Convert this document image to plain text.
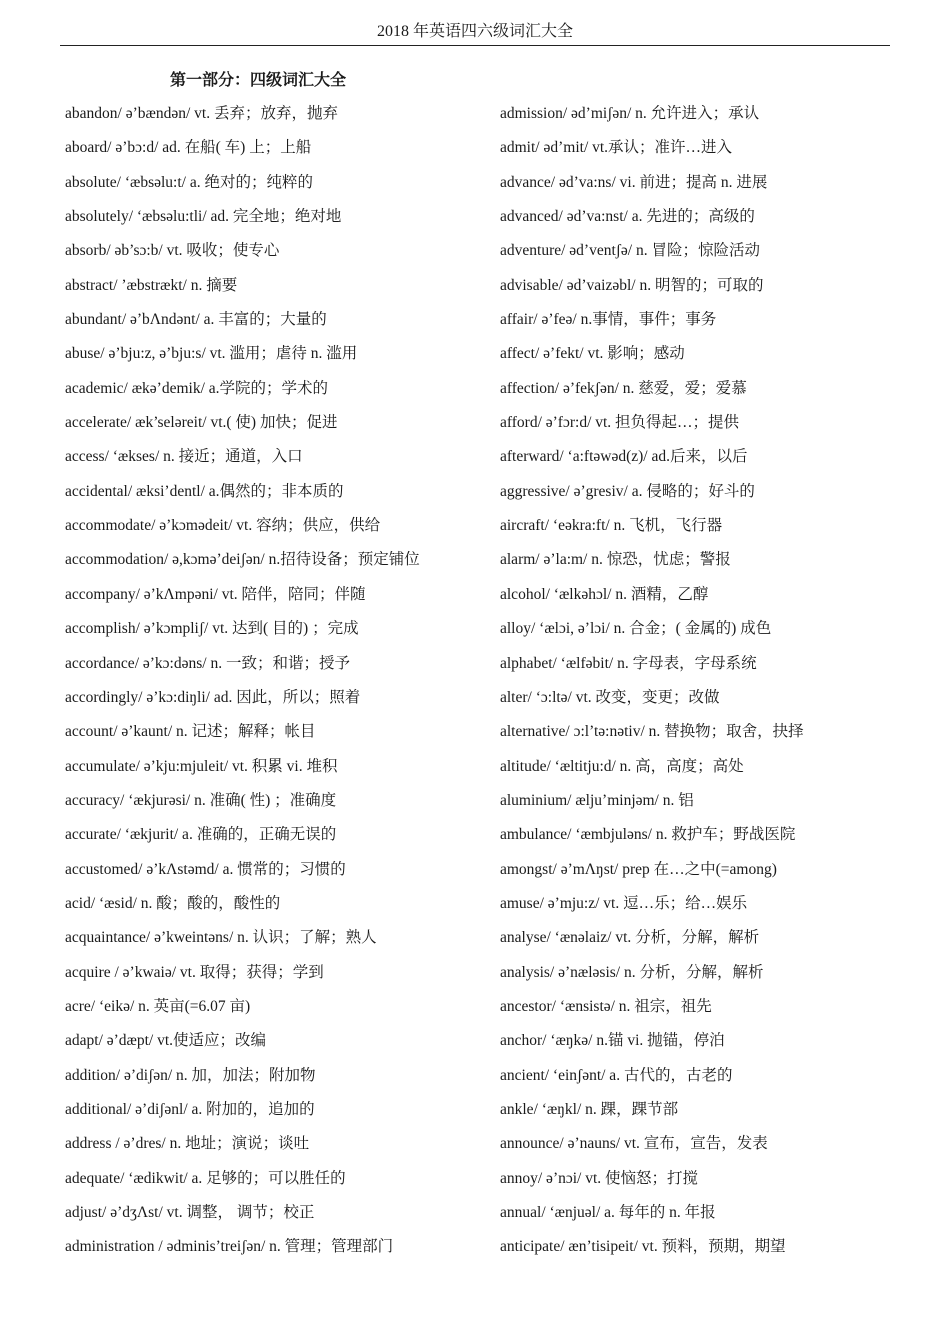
2018 年英语四六级词汇大全
第一部分：四级词汇大全
abandon/ ə’bændən/ vt. 丢弃；放弃，抛弃
aboard/ ə’bɔ:d/ ad. 在船( 车) 上；上船
absolute/ ‘æbsəlu:t/ a. 绝对的；纯粹的
absolutely/ ‘æbsəlu:tli/ ad. 完全地；绝对地
absorb/ əb’sɔ:b/ vt. 吸收；使专心
abstract/ ’æbstrækt/ n. 摘要
abundant/ ə’bΛndənt/ a. 丰富的；大量的
abuse/ ə’bju:z, ə’bju:s/ vt. 滥用；虐待 n. 滥用
academic/ ækə’demik/ a.学院的；学术的
accelerate/ æk’seləreit/ vt.( 使) 加快；促进
access/ ‘ækses/ n. 接近；通道，入口
accidental/ æksi’dentl/ a.偶然的；非本质的
accommodate/ ə’kɔmədeit/ vt. 容纳；供应，供给
accommodation/ ə,kɔmə’deiʃən/ n.招待设备；预定铺位
accompany/ ə’kΛmpəni/ vt. 陪伴，陪同；伴随
accomplish/ ə’kɔmpliʃ/ vt. 达到( 目的) ；完成
accordance/ ə’kɔ:dəns/ n. 一致；和谐；授予
accordingly/ ə’kɔ:diŋli/ ad. 因此，所以；照着
account/ ə’kaunt/ n. 记述；解释；帐目
accumulate/ ə’kju:mjuleit/ vt. 积累 vi. 堆积
accuracy/ ‘ækjurəsi/ n. 准确( 性) ；准确度
accurate/ ‘ækjurit/ a. 准确的，正确无误的
accustomed/ ə’kΛstəmd/ a. 惯常的；习惯的
acid/ ‘æsid/ n. 酸；酸的，酸性的
acquaintance/ ə’kweintəns/ n. 认识；了解；熟人
acquire / ə’kwaiə/ vt. 取得；获得；学到
acre/ ‘eikə/ n. 英亩(=6.07 亩)
adapt/ ə’dæpt/ vt.使适应；改编
addition/ ə’diʃən/ n. 加，加法；附加物
additional/ ə’diʃənl/ a. 附加的，追加的
address / ə’dres/ n. 地址；演说；谈吐
adequate/ ‘ædikwit/ a. 足够的；可以胜任的
adjust/ ə’dʒΛst/ vt. 调整， 调节；校正
administration / ədminis’treiʃən/ n. 管理；管理部门
admission/ əd’miʃən/ n. 允许进入；承认
admit/ əd’mit/ vt.承认；准许…进入
advance/ əd’va:ns/ vi. 前进；提高 n. 进展
advanced/ əd’va:nst/ a. 先进的；高级的
adventure/ əd’ventʃə/ n. 冒险；惊险活动
advisable/ əd’vaizəbl/ n. 明智的；可取的
affair/ ə’feə/ n.事情，事件；事务
affect/ ə’fekt/ vt. 影响；感动
affection/ ə’fekʃən/ n. 慈爱，爱；爱慕
afford/ ə’fɔr:d/ vt. 担负得起…；提供
afterward/ ‘a:ftəwəd(z)/ ad.后来，以后
aggressive/ ə’gresiv/ a. 侵略的；好斗的
aircraft/ ‘eəkra:ft/ n. 飞机，飞行器
alarm/ ə’la:m/ n. 惊恐，忧虑；警报
alcohol/ ‘ælkəhɔl/ n. 酒精，乙醇
alloy/ ‘ælɔi, ə’lɔi/ n. 合金；( 金属的) 成色
alphabet/ ‘ælfəbit/ n. 字母表，字母系统
alter/ ‘ɔ:ltə/ vt. 改变，变更；改做
alternative/ ɔ:l’tə:nətiv/ n. 替换物；取舍，抉择
altitude/ ‘æltitju:d/ n. 高，高度；高处
aluminium/ ælju’minjəm/ n. 铝
ambulance/ ‘æmbjuləns/ n. 救护车；野战医院
amongst/ ə’mΛŋst/ prep 在…之中(=among)
amuse/ ə’mju:z/ vt. 逗…乐；给…娱乐
analyse/ ‘ænəlaiz/ vt. 分析，分解，解析
analysis/ ə’næləsis/ n. 分析，分解，解析
ancestor/ ‘ænsistə/ n. 祖宗，祖先
anchor/ ‘æŋkə/ n.锚 vi. 抛锚，停泊
ancient/ ‘einʃənt/ a. 古代的，古老的
ankle/ ‘æŋkl/ n. 踝，踝节部
announce/ ə’nauns/ vt. 宣布，宣告，发表
annoy/ ə’nɔi/ vt. 使恼怒；打搅
annual/ ‘ænjuəl/ a. 每年的 n. 年报
anticipate/ æn’tisipeit/ vt. 预料，预期，期望
